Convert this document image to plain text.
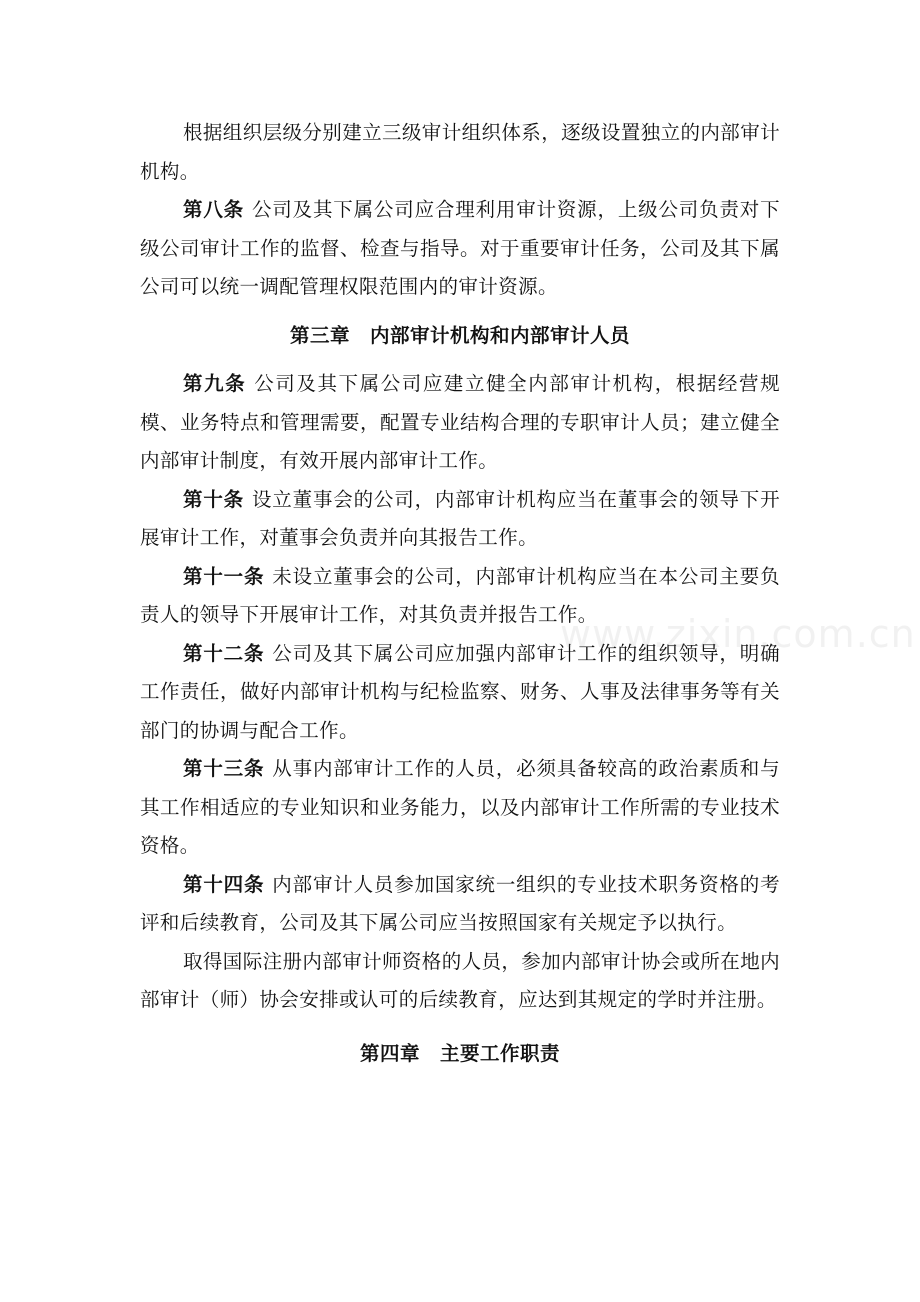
根据组织层级分别建立三级审计组织体系，逐级设置独立的内部审计机构。

第八条 公司及其下属公司应合理利用审计资源，上级公司负责对下级公司审计工作的监督、检查与指导。对于重要审计任务，公司及其下属公司可以统一调配管理权限范围内的审计资源。

第三章 内部审计机构和内部审计人员

第九条 公司及其下属公司应建立健全内部审计机构，根据经营规模、业务特点和管理需要，配置专业结构合理的专职审计人员；建立健全内部审计制度，有效开展内部审计工作。

第十条 设立董事会的公司，内部审计机构应当在董事会的领导下开展审计工作，对董事会负责并向其报告工作。

第十一条 未设立董事会的公司，内部审计机构应当在本公司主要负责人的领导下开展审计工作，对其负责并报告工作。

第十二条 公司及其下属公司应加强内部审计工作的组织领导，明确工作责任，做好内部审计机构与纪检监察、财务、人事及法律事务等有关部门的协调与配合工作。

第十三条 从事内部审计工作的人员，必须具备较高的政治素质和与其工作相适应的专业知识和业务能力，以及内部审计工作所需的专业技术资格。

第十四条 内部审计人员参加国家统一组织的专业技术职务资格的考评和后续教育，公司及其下属公司应当按照国家有关规定予以执行。

取得国际注册内部审计师资格的人员，参加内部审计协会或所在地内部审计（师）协会安排或认可的后续教育，应达到其规定的学时并注册。

第四章 主要工作职责

www.zixin.com.cn
